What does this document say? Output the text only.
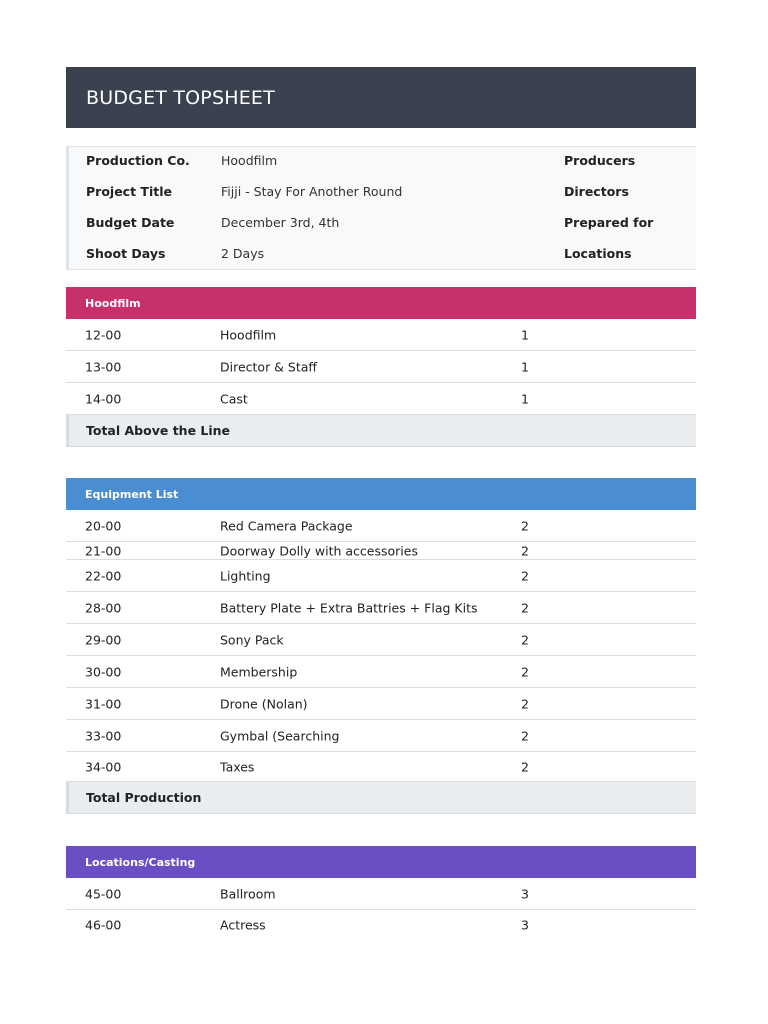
BUDGET TOPSHEET
Production Co. Hoodfilm	Producers
Project Title	Fijji - Stay For Another Round	Directors
Budget Date	December 3rd, 4th	Prepared for
Shoot Days	2 Days	Locations
Hoodfilm
12-00	Hoodfilm	1
13-00	Director & Staff	1
14-00	Cast	1
Total Above the Line
Equipment List
20-00	Red Camera Package	2
21-00	Doorway Dolly with accessories	2
22-00	Lighting	2
28-00	Battery Plate + Extra Battries + Flag Kits	2
29-00	Sony Pack	2
30-00	Membership	2
31-00	Drone (Nolan)	2
33-00	Gymbal (Searching	2
34-00	Taxes	2
Total Production
Locations/Casting
45-00	Ballroom	3
46-00	Actress	3
